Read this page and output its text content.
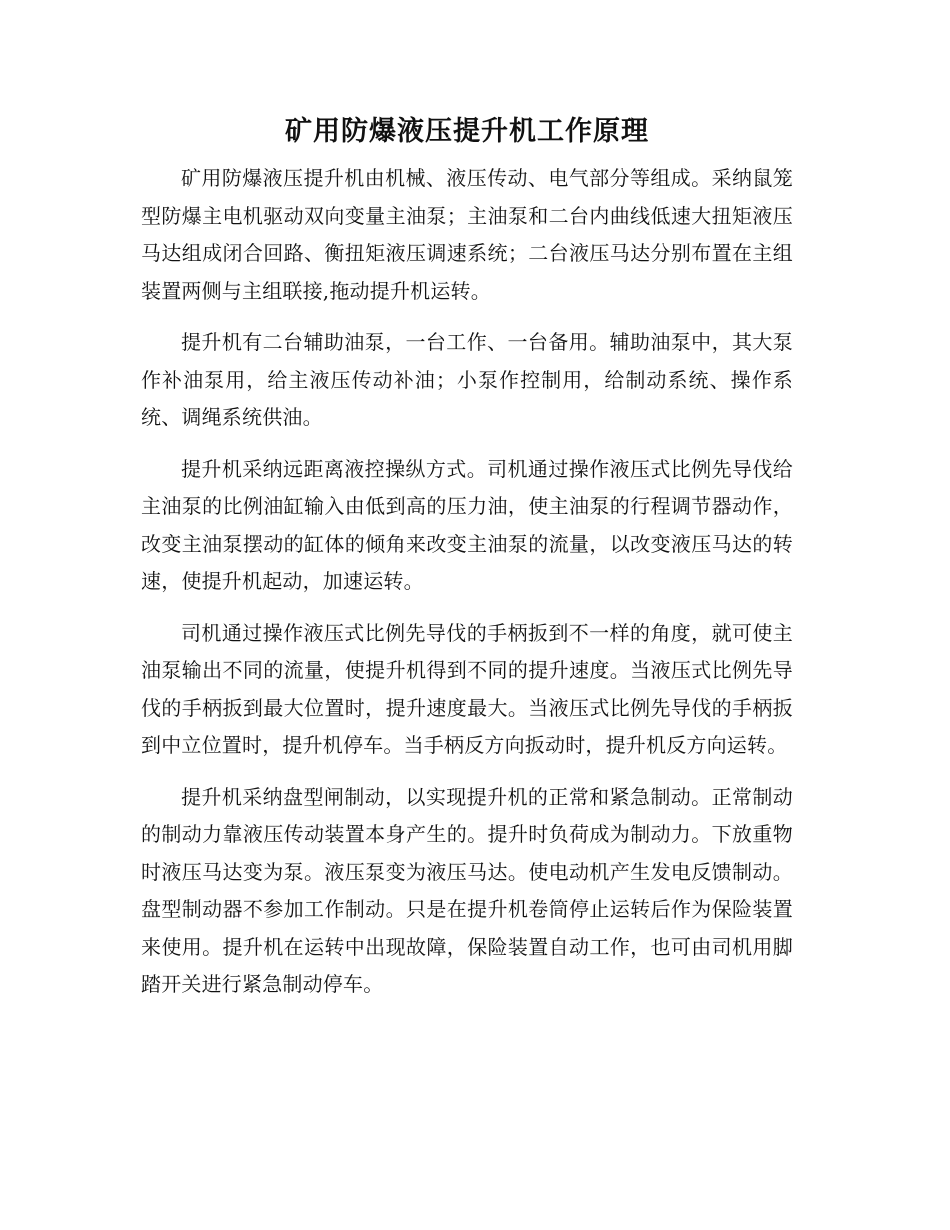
矿用防爆液压提升机工作原理

矿用防爆液压提升机由机械、液压传动、电气部分等组成。采纳鼠笼型防爆主电机驱动双向变量主油泵；主油泵和二台内曲线低速大扭矩液压马达组成闭合回路、衡扭矩液压调速系统；二台液压马达分别布置在主组装置两侧与主组联接,拖动提升机运转。

提升机有二台辅助油泵，一台工作、一台备用。辅助油泵中，其大泵作补油泵用，给主液压传动补油；小泵作控制用，给制动系统、操作系统、调绳系统供油。

提升机采纳远距离液控操纵方式。司机通过操作液压式比例先导伐给主油泵的比例油缸输入由低到高的压力油，使主油泵的行程调节器动作，改变主油泵摆动的缸体的倾角来改变主油泵的流量，以改变液压马达的转速，使提升机起动，加速运转。

司机通过操作液压式比例先导伐的手柄扳到不一样的角度，就可使主油泵输出不同的流量，使提升机得到不同的提升速度。当液压式比例先导伐的手柄扳到最大位置时，提升速度最大。当液压式比例先导伐的手柄扳到中立位置时，提升机停车。当手柄反方向扳动时，提升机反方向运转。

提升机采纳盘型闸制动，以实现提升机的正常和紧急制动。正常制动的制动力靠液压传动装置本身产生的。提升时负荷成为制动力。下放重物时液压马达变为泵。液压泵变为液压马达。使电动机产生发电反馈制动。盘型制动器不参加工作制动。只是在提升机卷筒停止运转后作为保险装置来使用。提升机在运转中出现故障，保险装置自动工作，也可由司机用脚踏开关进行紧急制动停车。
